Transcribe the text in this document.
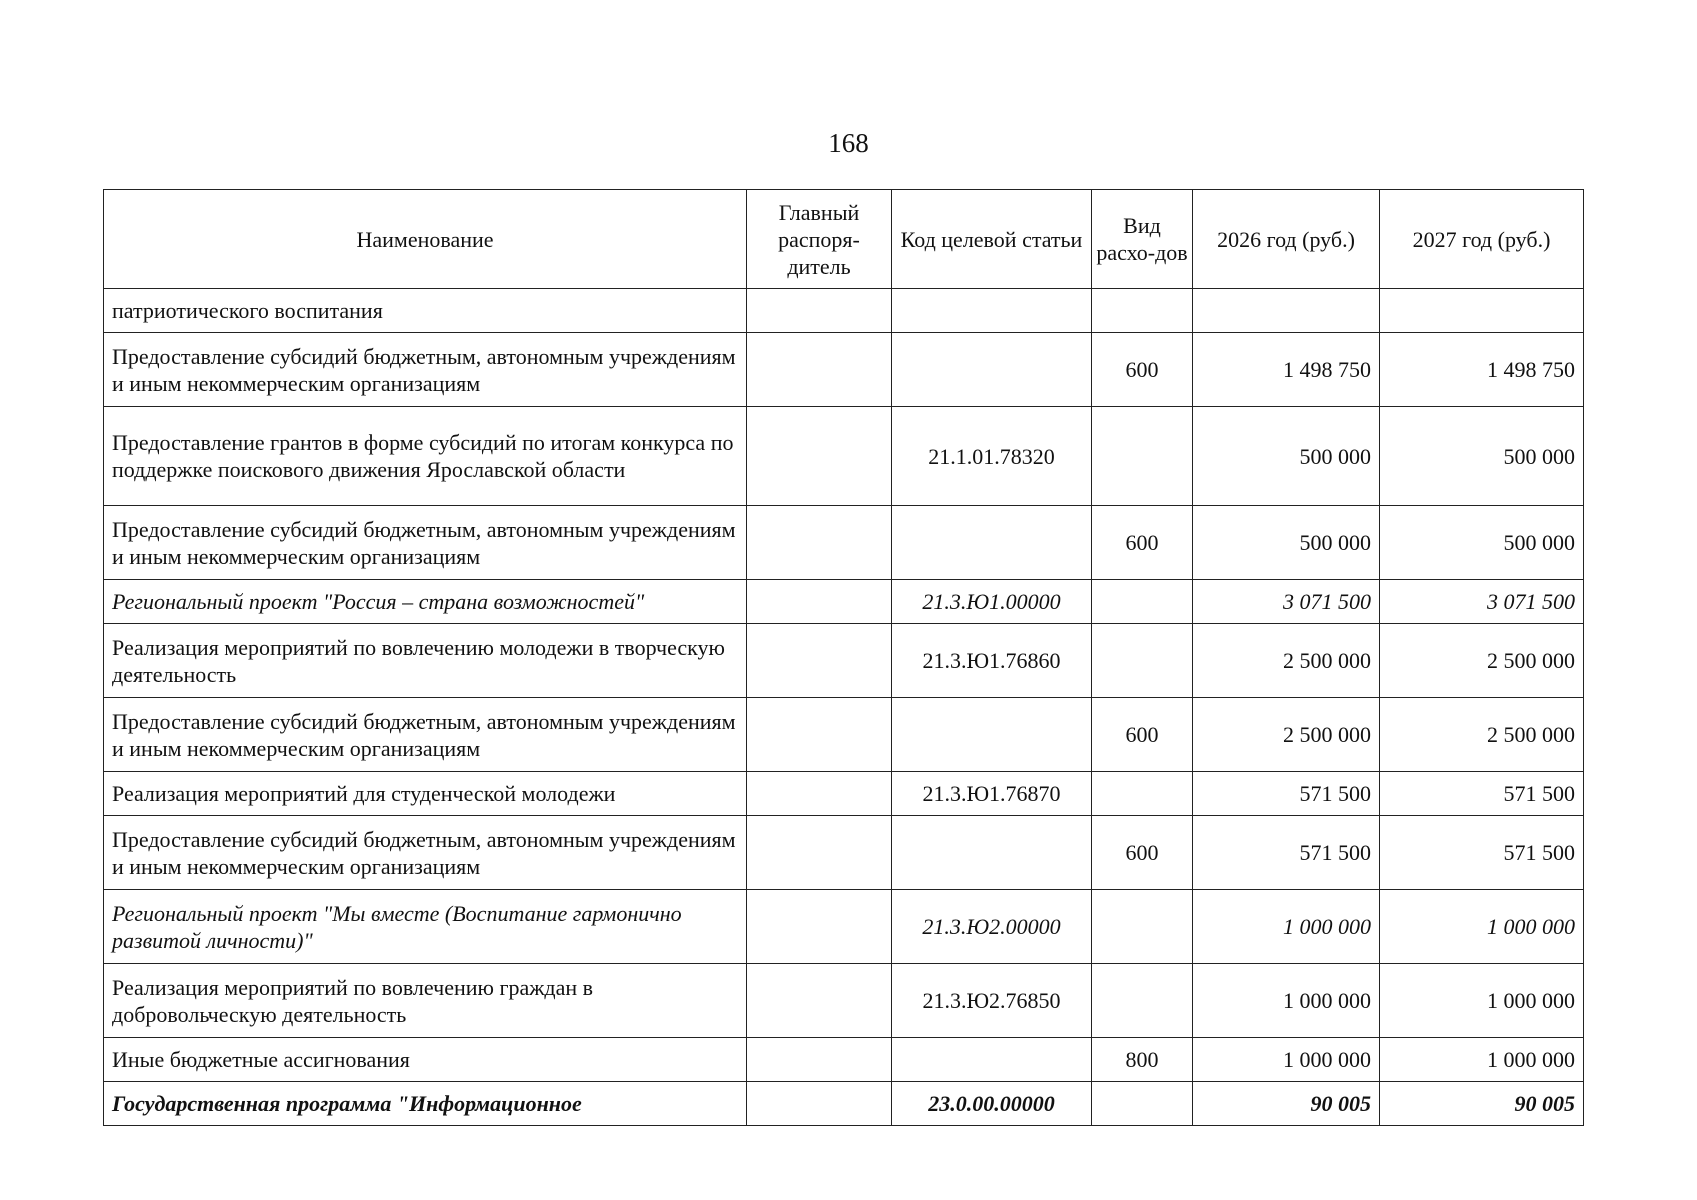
168
Наименование	Главный распоря-дитель	Код целевой статьи	Вид расхо-дов	2026 год (руб.)	2027 год (руб.)
патриотического воспитания					
Предоставление субсидий бюджетным, автономным учреждениям и иным некоммерческим организациям			600	1 498 750	1 498 750
Предоставление грантов в форме субсидий по итогам конкурса по поддержке поискового движения Ярославской области		21.1.01.78320		500 000	500 000
Предоставление субсидий бюджетным, автономным учреждениям и иным некоммерческим организациям			600	500 000	500 000
Региональный проект "Россия – страна возможностей"		21.3.Ю1.00000		3 071 500	3 071 500
Реализация мероприятий по вовлечению молодежи в творческую деятельность		21.3.Ю1.76860		2 500 000	2 500 000
Предоставление субсидий бюджетным, автономным учреждениям и иным некоммерческим организациям			600	2 500 000	2 500 000
Реализация мероприятий для студенческой молодежи		21.3.Ю1.76870		571 500	571 500
Предоставление субсидий бюджетным, автономным учреждениям и иным некоммерческим организациям			600	571 500	571 500
Региональный проект "Мы вместе (Воспитание гармонично развитой личности)"		21.3.Ю2.00000		1 000 000	1 000 000
Реализация мероприятий по вовлечению граждан в добровольческую деятельность		21.3.Ю2.76850		1 000 000	1 000 000
Иные бюджетные ассигнования			800	1 000 000	1 000 000
Государственная программа "Информационное		23.0.00.00000		90 005	90 005
